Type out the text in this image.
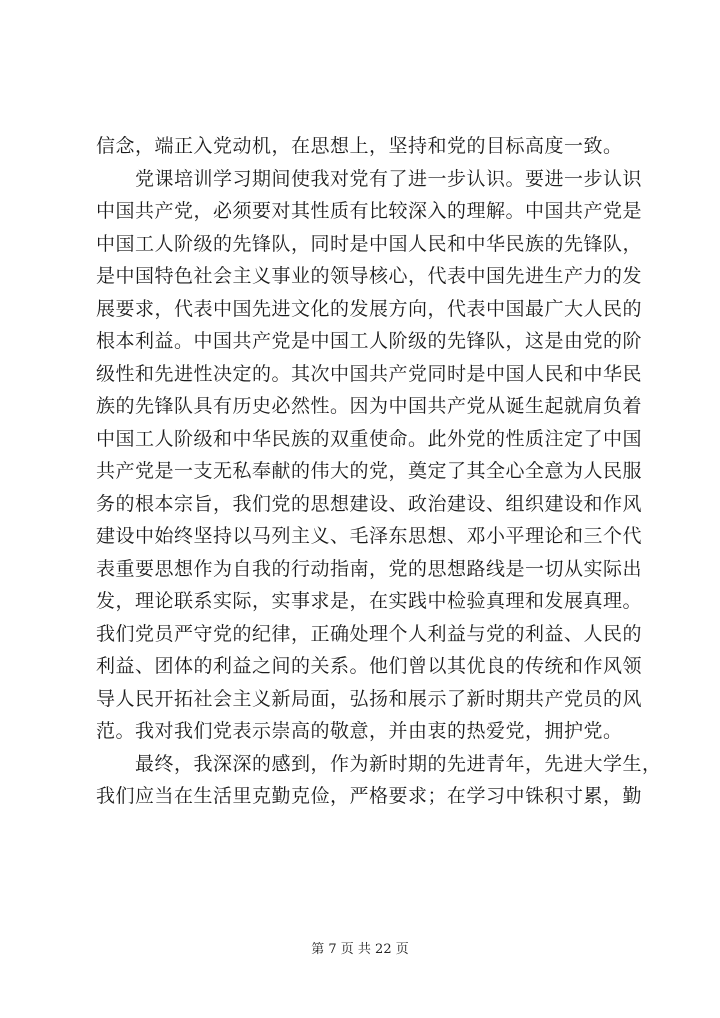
信念，端正入党动机，在思想上，坚持和党的目标高度一致。
党课培训学习期间使我对党有了进一步认识。要进一步认识
中国共产党，必须要对其性质有比较深入的理解。中国共产党是
中国工人阶级的先锋队，同时是中国人民和中华民族的先锋队，
是中国特色社会主义事业的领导核心，代表中国先进生产力的发
展要求，代表中国先进文化的发展方向，代表中国最广大人民的
根本利益。中国共产党是中国工人阶级的先锋队，这是由党的阶
级性和先进性决定的。其次中国共产党同时是中国人民和中华民
族的先锋队具有历史必然性。因为中国共产党从诞生起就肩负着
中国工人阶级和中华民族的双重使命。此外党的性质注定了中国
共产党是一支无私奉献的伟大的党，奠定了其全心全意为人民服
务的根本宗旨，我们党的思想建设、政治建设、组织建设和作风
建设中始终坚持以马列主义、毛泽东思想、邓小平理论和三个代
表重要思想作为自我的行动指南，党的思想路线是一切从实际出
发，理论联系实际，实事求是，在实践中检验真理和发展真理。
我们党员严守党的纪律，正确处理个人利益与党的利益、人民的
利益、团体的利益之间的关系。他们曾以其优良的传统和作风领
导人民开拓社会主义新局面，弘扬和展示了新时期共产党员的风
范。我对我们党表示崇高的敬意，并由衷的热爱党，拥护党。
最终，我深深的感到，作为新时期的先进青年，先进大学生，
我们应当在生活里克勤克俭，严格要求；在学习中铢积寸累，勤
第 7 页 共 22 页
